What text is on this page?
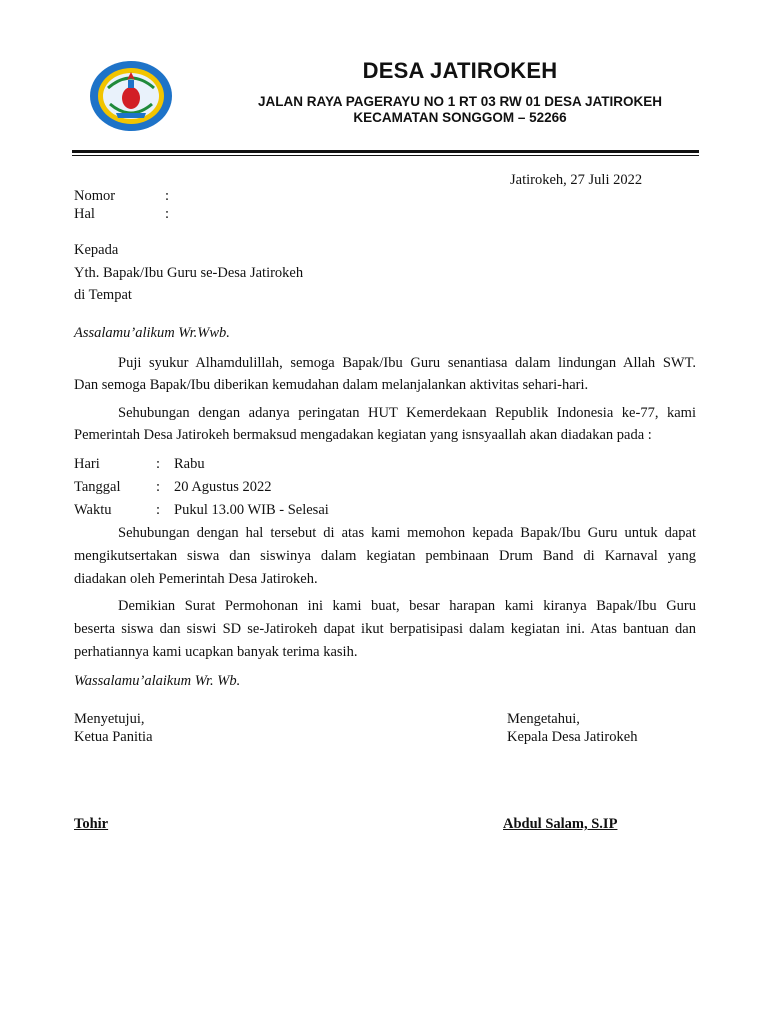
DESA JATIROKEH
JALAN RAYA PAGERAYU NO 1 RT 03 RW 01 DESA JATIROKEH
KECAMATAN SONGGOM – 52266
Jatirokeh, 27 Juli 2022
Nomor	:
Hal	:
Kepada
Yth. Bapak/Ibu Guru se-Desa Jatirokeh
di Tempat
Assalamu’alikum Wr.Wwb.
Puji syukur Alhamdulillah, semoga Bapak/Ibu Guru senantiasa dalam lindungan Allah SWT.
Dan semoga Bapak/Ibu diberikan kemudahan dalam melanjalankan aktivitas sehari-hari.
Sehubungan dengan adanya peringatan HUT Kemerdekaan Republik Indonesia ke-77, kami
Pemerintah Desa Jatirokeh bermaksud mengadakan kegiatan yang isnsyaallah akan diadakan pada :
Hari	: Rabu
Tanggal : 20 Agustus 2022
Waktu	: Pukul 13.00 WIB - Selesai
Sehubungan dengan hal tersebut di atas kami memohon kepada Bapak/Ibu Guru untuk dapat
mengikutsertakan siswa dan siswinya dalam kegiatan pembinaan Drum Band di Karnaval yang
diadakan oleh Pemerintah Desa Jatirokeh.
Demikian Surat Permohonan ini kami buat, besar harapan kami kiranya Bapak/Ibu Guru
beserta siswa dan siswi SD se-Jatirokeh dapat ikut berpatisipasi dalam kegiatan ini. Atas bantuan dan
perhatiannya kami ucapkan banyak terima kasih.
Wassalamu’alaikum Wr. Wb.
Menyetujui,
Ketua Panitia
Tohir
Mengetahui,
Kepala Desa Jatirokeh
Abdul Salam, S.IP
